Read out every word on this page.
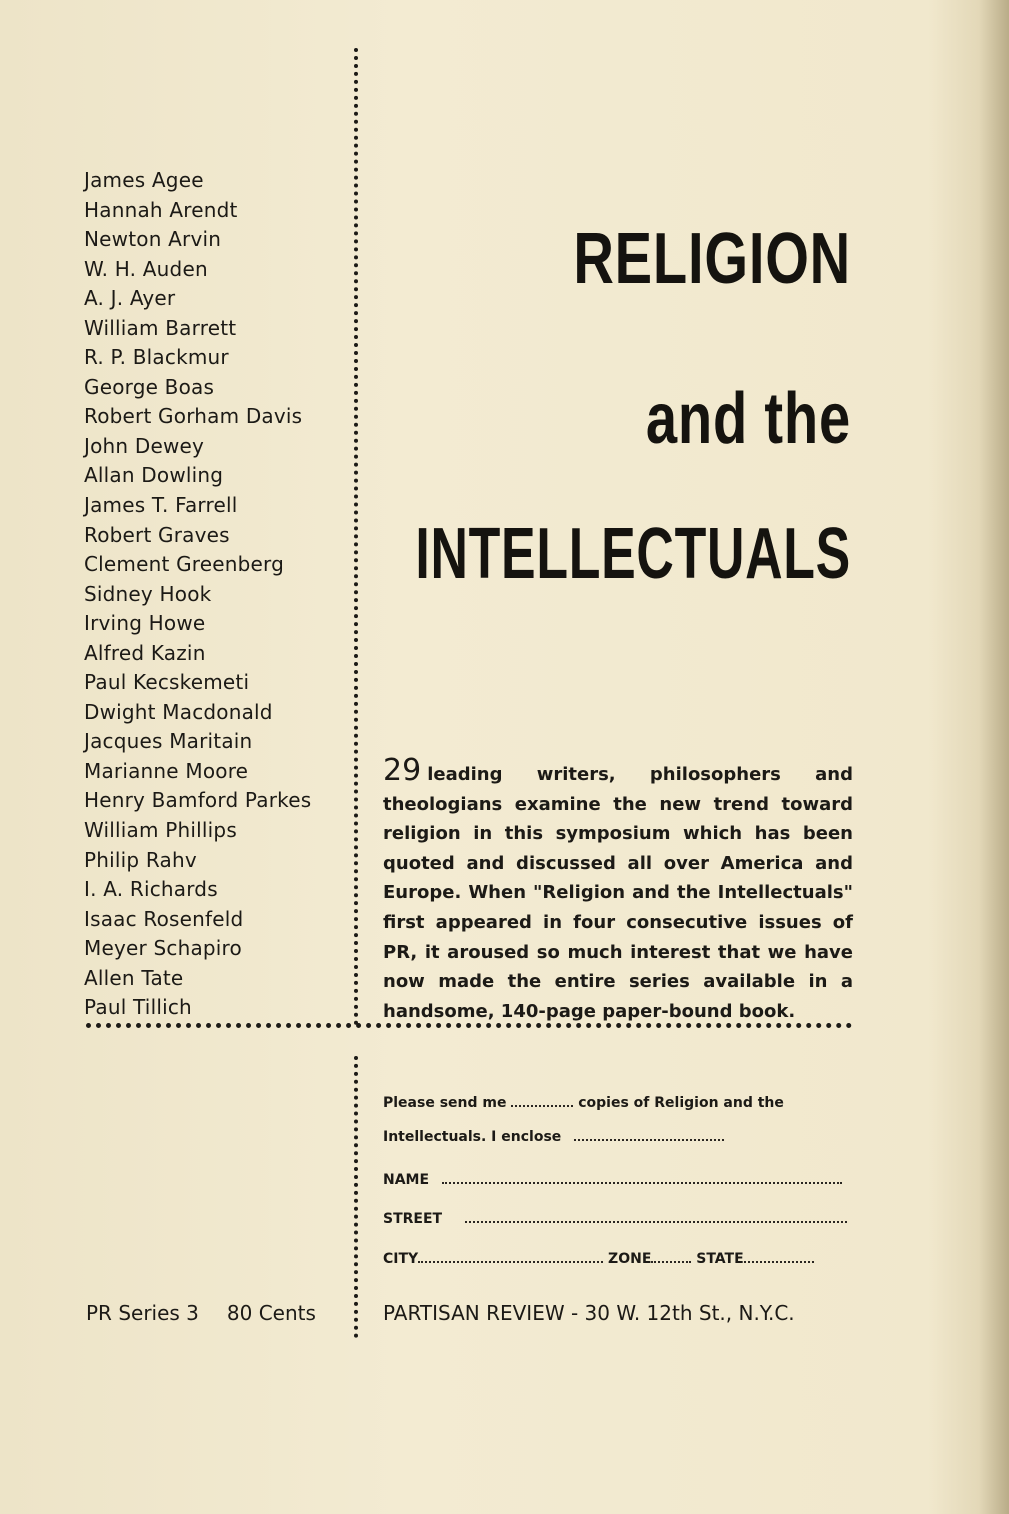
James Agee
Hannah Arendt
Newton Arvin
W. H. Auden
A. J. Ayer
William Barrett
R. P. Blackmur
George Boas
Robert Gorham Davis
John Dewey
Allan Dowling
James T. Farrell
Robert Graves
Clement Greenberg
Sidney Hook
Irving Howe
Alfred Kazin
Paul Kecskemeti
Dwight Macdonald
Jacques Maritain
Marianne Moore
Henry Bamford Parkes
William Phillips
Philip Rahv
I. A. Richards
Isaac Rosenfeld
Meyer Schapiro
Allen Tate
Paul Tillich
RELIGION
and the
INTELLECTUALS
29 leading writers, philosophers and theologians examine the new trend toward religion in this symposium which has been quoted and discussed all over America and Europe. When "Religion and the Intellectuals" first appeared in four consecutive issues of PR, it aroused so much interest that we have now made the entire series available in a handsome, 140-page paper-bound book.
Please send me	copies of Religion and the
Intellectuals. I enclose
NAME
STREET
CITY	ZONE	STATE
PR Series 3 80 Cents	PARTISAN REVIEW - 30 W. 12th St., N.Y.C.
